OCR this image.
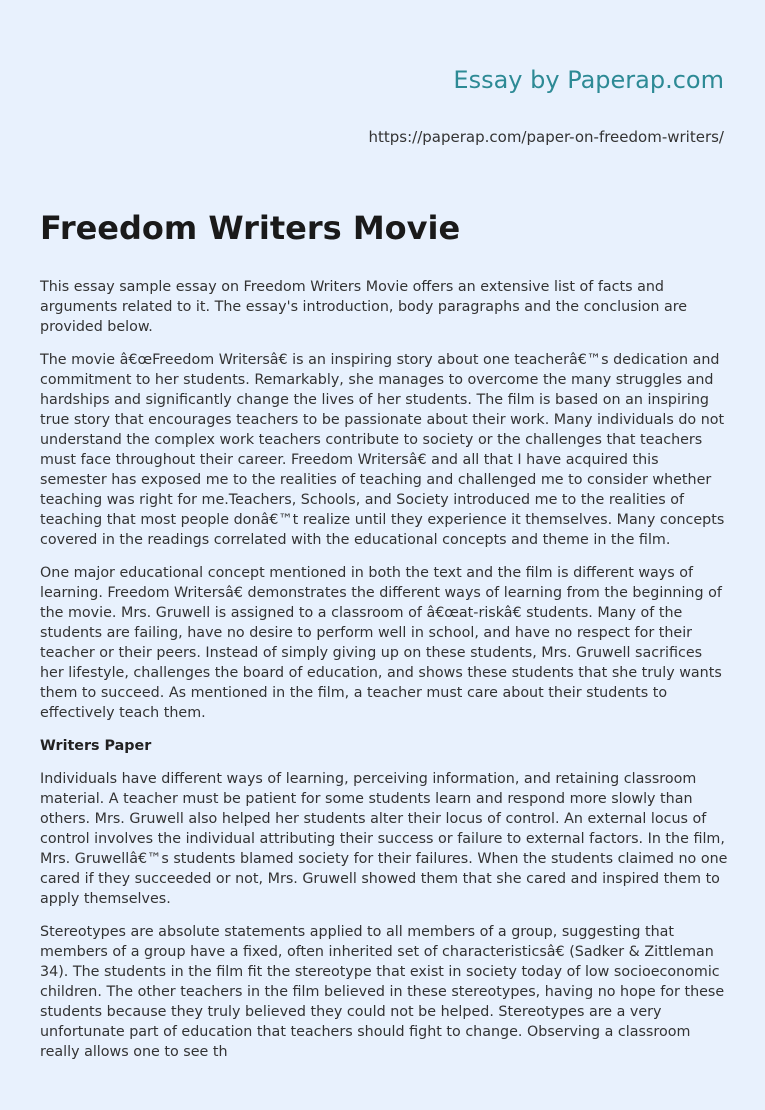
Essay by Paperap.com
https://paperap.com/paper-on-freedom-writers/
Freedom Writers Movie

This essay sample essay on Freedom Writers Movie offers an extensive list of facts and arguments related to it. The essay's introduction, body paragraphs and the conclusion are provided below.

The movie â€œFreedom Writersâ€ is an inspiring story about one teacherâ€™s dedication and commitment to her students. Remarkably, she manages to overcome the many struggles and hardships and significantly change the lives of her students. The film is based on an inspiring true story that encourages teachers to be passionate about their work. Many individuals do not understand the complex work teachers contribute to society or the challenges that teachers must face throughout their career. Freedom Writersâ€ and all that I have acquired this semester has exposed me to the realities of teaching and challenged me to consider whether teaching was right for me.Teachers, Schools, and Society introduced me to the realities of teaching that most people donâ€™t realize until they experience it themselves. Many concepts covered in the readings correlated with the educational concepts and theme in the film.

One major educational concept mentioned in both the text and the film is different ways of learning. Freedom Writersâ€ demonstrates the different ways of learning from the beginning of the movie. Mrs. Gruwell is assigned to a classroom of â€œat-riskâ€ students. Many of the students are failing, have no desire to perform well in school, and have no respect for their teacher or their peers. Instead of simply giving up on these students, Mrs. Gruwell sacrifices her lifestyle, challenges the board of education, and shows these students that she truly wants them to succeed. As mentioned in the film, a teacher must care about their students to effectively teach them.

Writers Paper

Individuals have different ways of learning, perceiving information, and retaining classroom material. A teacher must be patient for some students learn and respond more slowly than others. Mrs. Gruwell also helped her students alter their locus of control. An external locus of control involves the individual attributing their success or failure to external factors. In the film, Mrs. Gruwellâ€™s students blamed society for their failures. When the students claimed no one cared if they succeeded or not, Mrs. Gruwell showed them that she cared and inspired them to apply themselves.

Stereotypes are absolute statements applied to all members of a group, suggesting that members of a group have a fixed, often inherited set of characteristicsâ€ (Sadker & Zittleman 34). The students in the film fit the stereotype that exist in society today of low socioeconomic children. The other teachers in the film believed in these stereotypes, having no hope for these students because they truly believed they could not be helped. Stereotypes are a very unfortunate part of education that teachers should fight to change. Observing a classroom really allows one to see th
